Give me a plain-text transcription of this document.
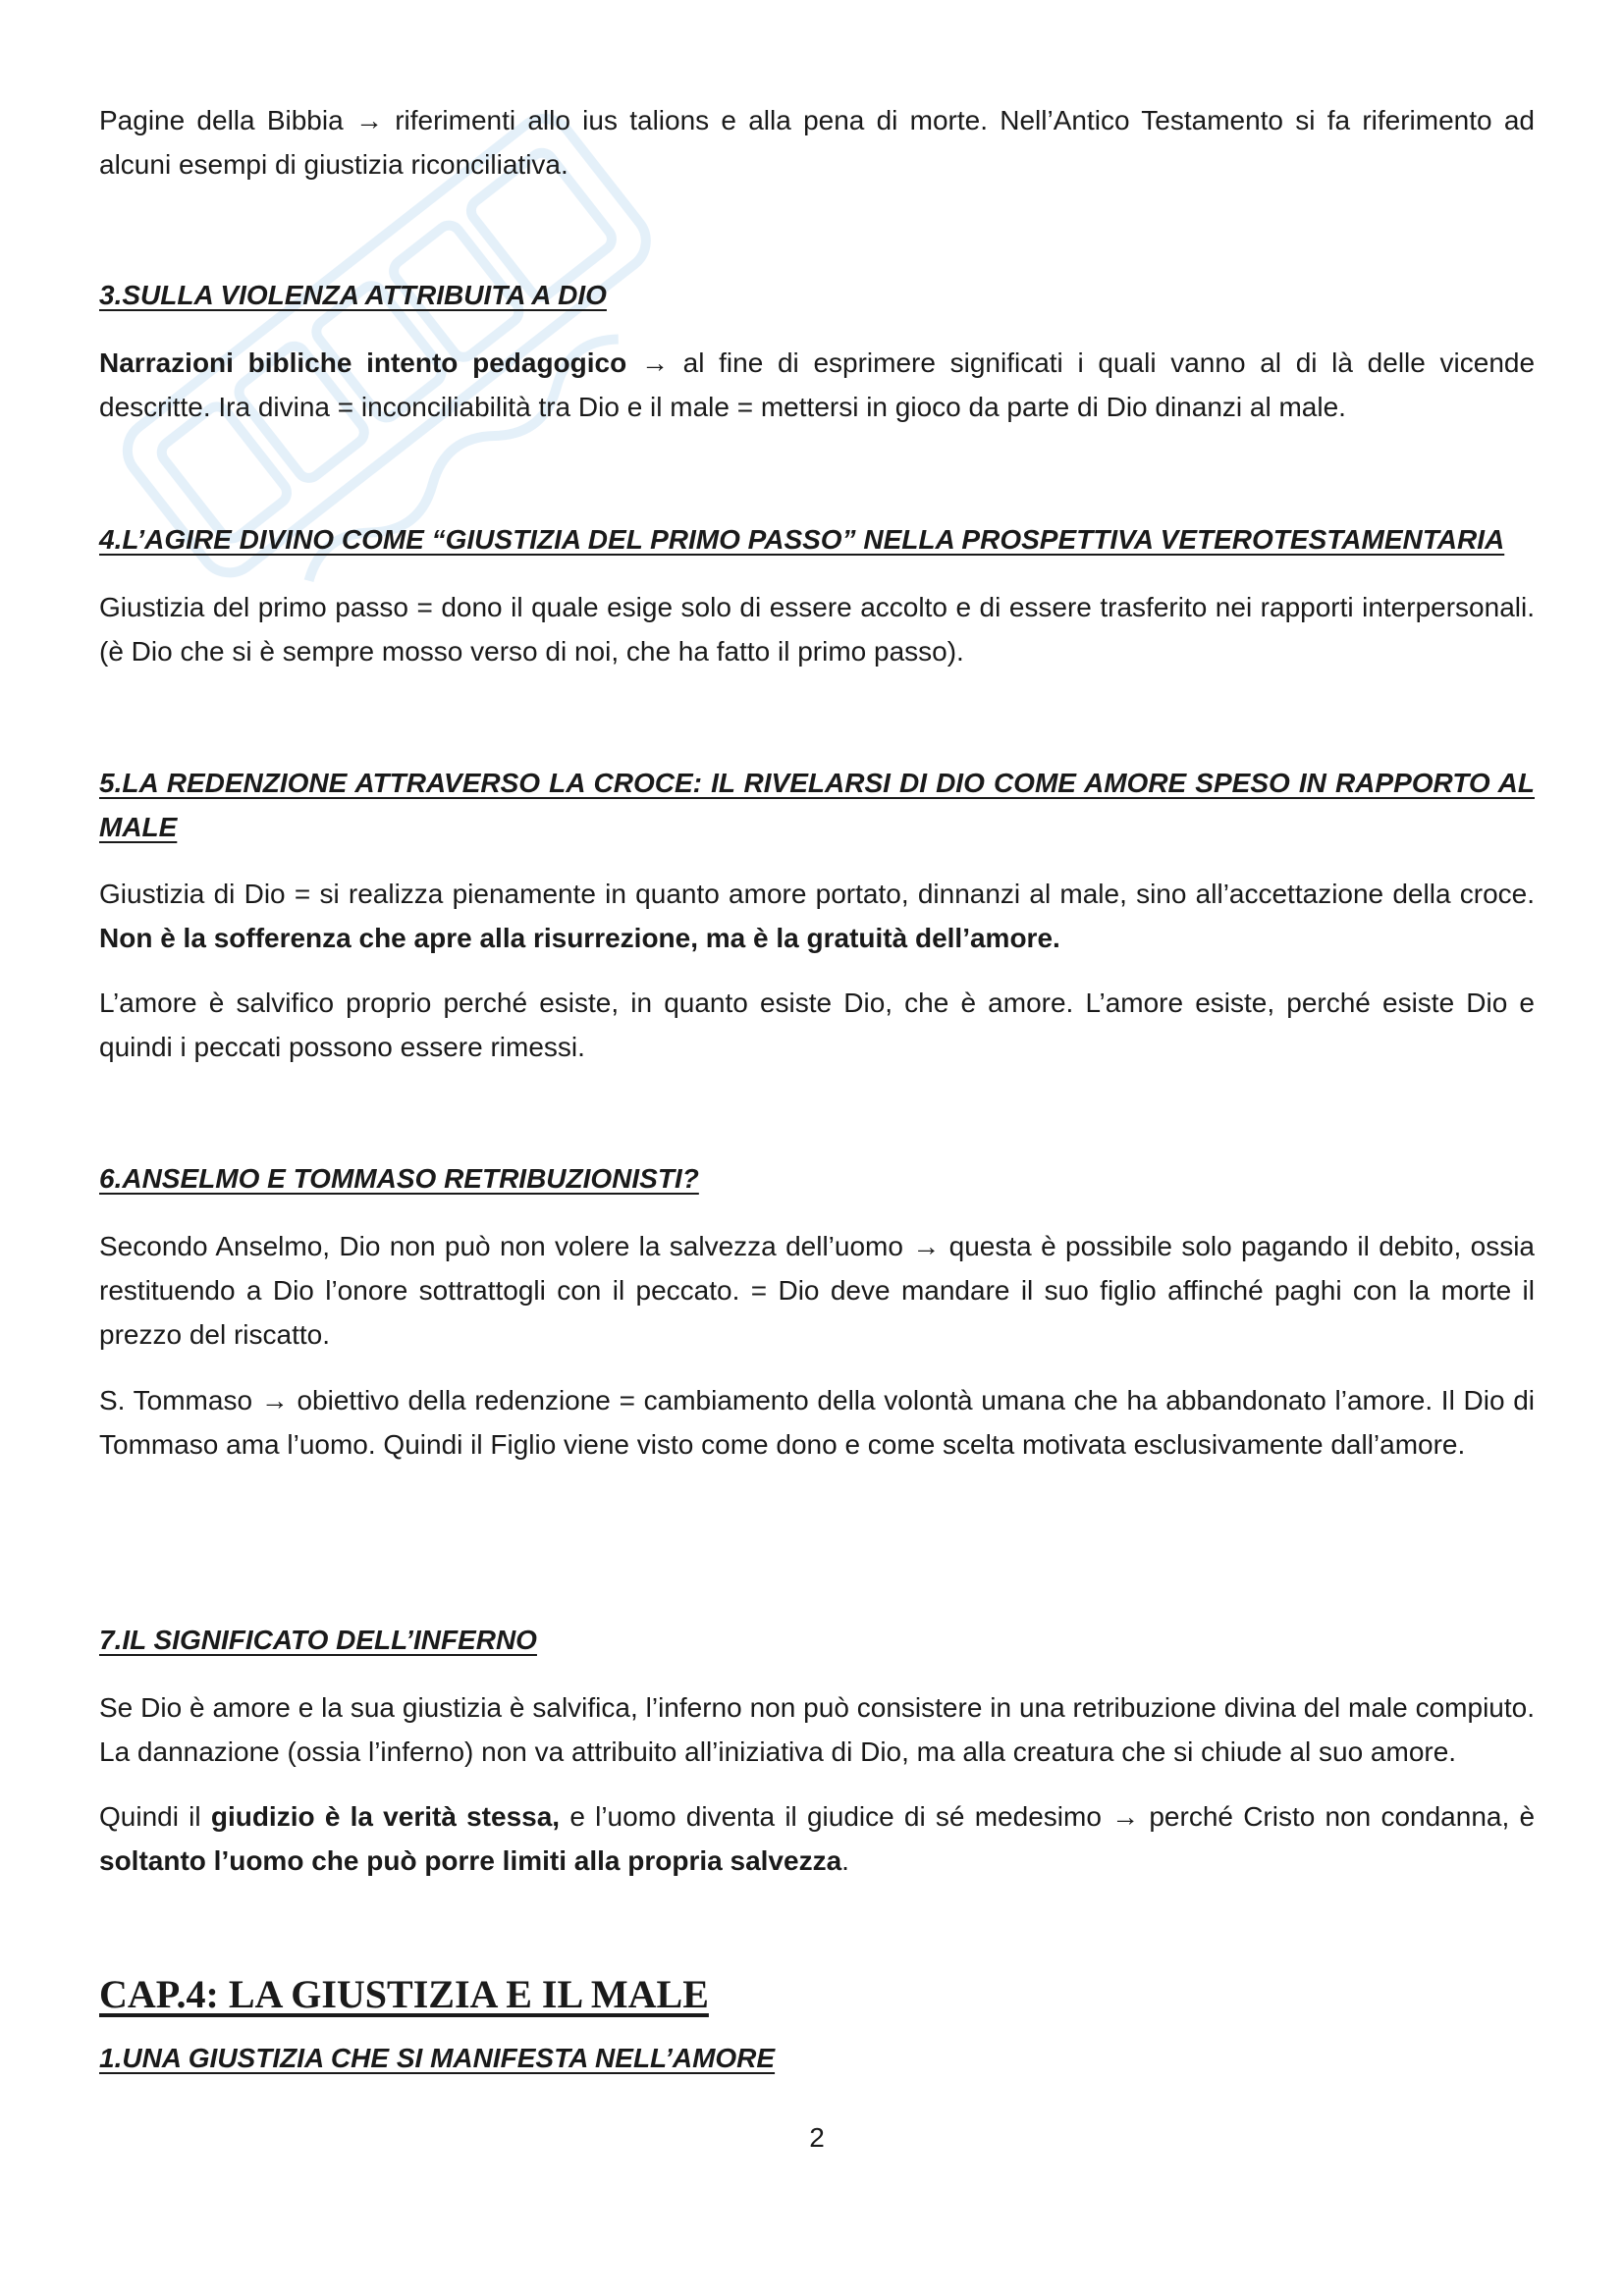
Pagine della Bibbia → riferimenti allo ius talions e alla pena di morte. Nell’Antico Testamento si fa riferimento ad alcuni esempi di giustizia riconciliativa.

3.SULLA VIOLENZA ATTRIBUITA A DIO

Narrazioni bibliche intento pedagogico → al fine di esprimere significati i quali vanno al di là delle vicende descritte. Ira divina = inconciliabilità tra Dio e il male = mettersi in gioco da parte di Dio dinanzi al male.

4.L’AGIRE DIVINO COME “GIUSTIZIA DEL PRIMO PASSO” NELLA PROSPETTIVA VETEROTESTAMENTARIA

Giustizia del primo passo = dono il quale esige solo di essere accolto e di essere trasferito nei rapporti interpersonali. (è Dio che si è sempre mosso verso di noi, che ha fatto il primo passo).

5.LA REDENZIONE ATTRAVERSO LA CROCE: IL RIVELARSI DI DIO COME AMORE SPESO IN RAPPORTO AL MALE

Giustizia di Dio = si realizza pienamente in quanto amore portato, dinnanzi al male, sino all’accettazione della croce. Non è la sofferenza che apre alla risurrezione, ma è la gratuità dell’amore.

L’amore è salvifico proprio perché esiste, in quanto esiste Dio, che è amore. L’amore esiste, perché esiste Dio e quindi i peccati possono essere rimessi.

6.ANSELMO E TOMMASO RETRIBUZIONISTI?

Secondo Anselmo, Dio non può non volere la salvezza dell’uomo → questa è possibile solo pagando il debito, ossia restituendo a Dio l’onore sottrattogli con il peccato. = Dio deve mandare il suo figlio affinché paghi con la morte il prezzo del riscatto.

S. Tommaso → obiettivo della redenzione = cambiamento della volontà umana che ha abbandonato l’amore. Il Dio di Tommaso ama l’uomo. Quindi il Figlio viene visto come dono e come scelta motivata esclusivamente dall’amore.

7.IL SIGNIFICATO DELL’INFERNO

Se Dio è amore e la sua giustizia è salvifica, l’inferno non può consistere in una retribuzione divina del male compiuto. La dannazione (ossia l’inferno) non va attribuito all’iniziativa di Dio, ma alla creatura che si chiude al suo amore.

Quindi il giudizio è la verità stessa, e l’uomo diventa il giudice di sé medesimo → perché Cristo non condanna, è soltanto l’uomo che può porre limiti alla propria salvezza.

CAP.4: LA GIUSTIZIA E IL MALE
1.UNA GIUSTIZIA CHE SI MANIFESTA NELL’AMORE
2
